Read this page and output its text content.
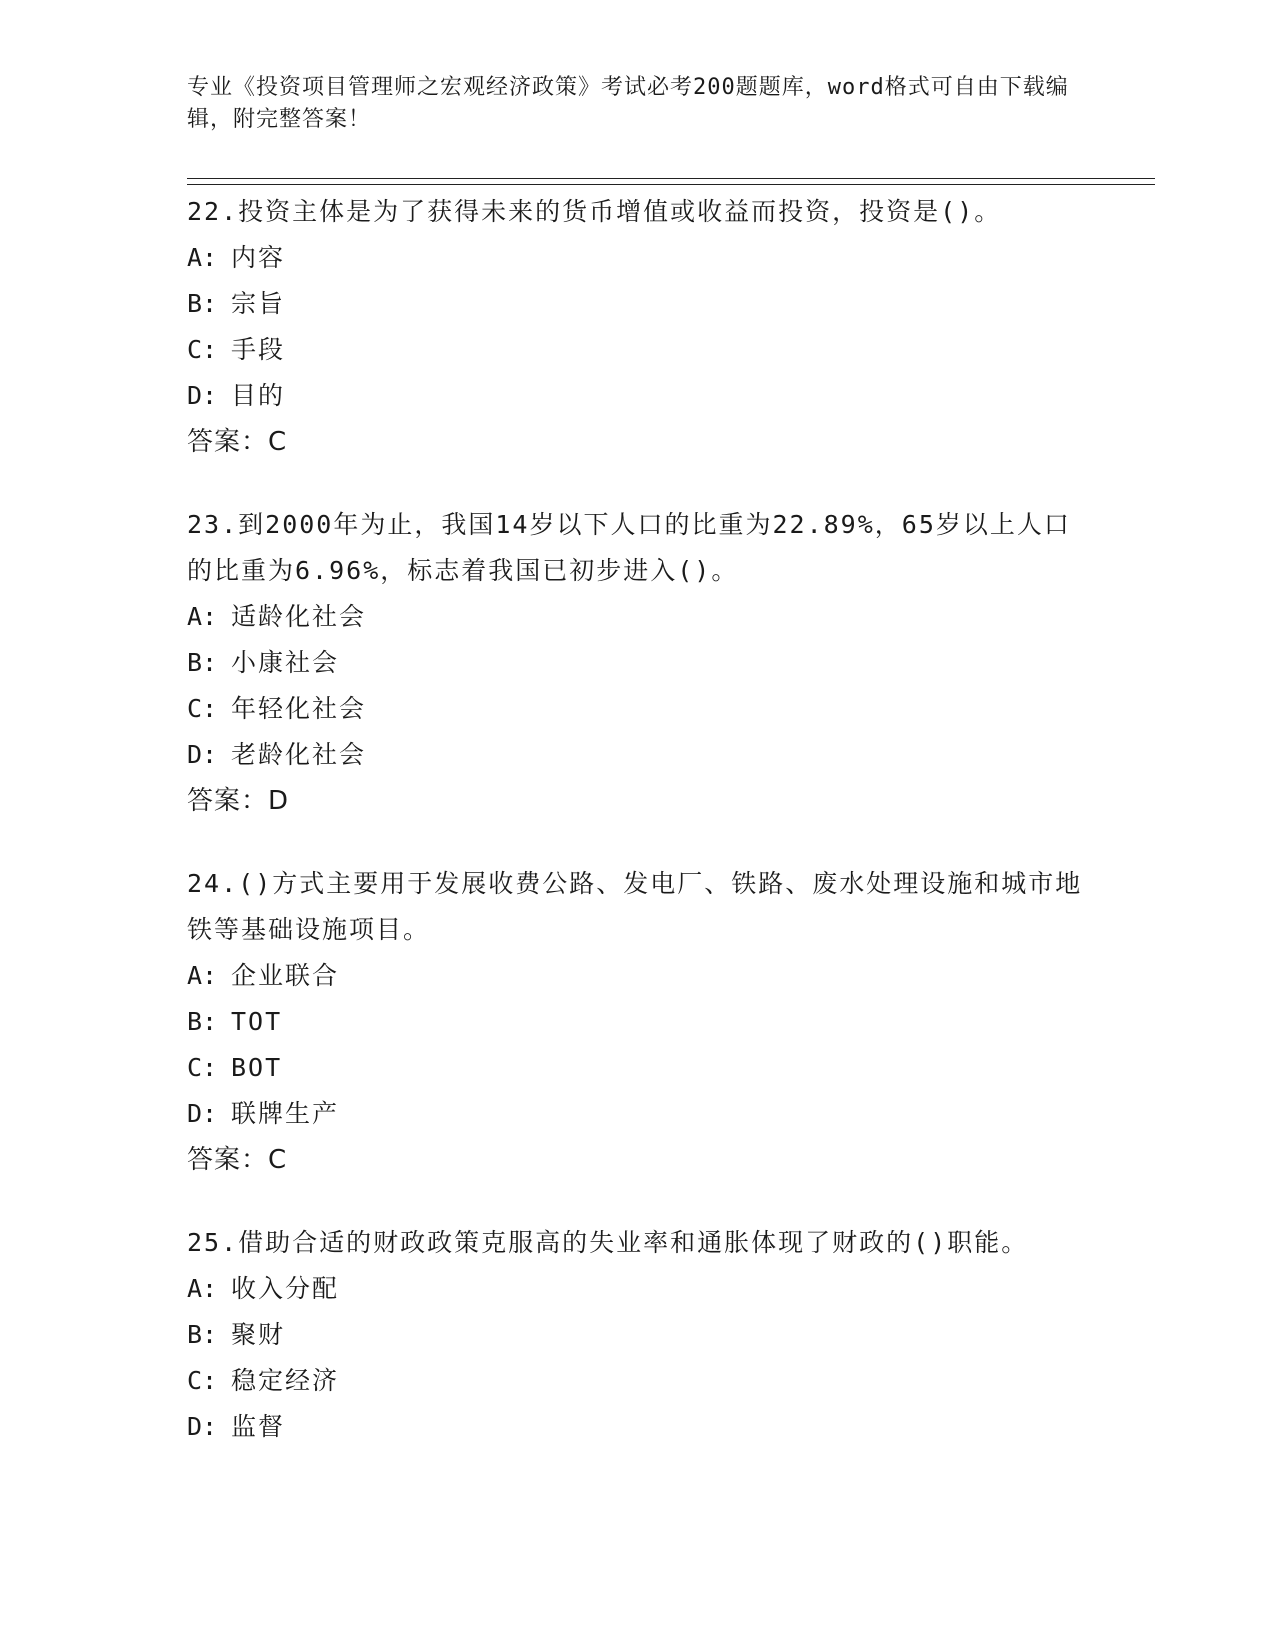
专业《投资项目管理师之宏观经济政策》考试必考200题题库，word格式可自由下载编辑，附完整答案！

22.投资主体是为了获得未来的货币增值或收益而投资，投资是()。

A: 内容

B: 宗旨

C: 手段

D: 目的

答案：C

23.到2000年为止，我国14岁以下人口的比重为22.89%，65岁以上人口的比重为6.96%，标志着我国已初步进入()。

A: 适龄化社会

B: 小康社会

C: 年轻化社会

D: 老龄化社会

答案：D

24.()方式主要用于发展收费公路、发电厂、铁路、废水处理设施和城市地铁等基础设施项目。

A: 企业联合

B: TOT

C: BOT

D: 联牌生产

答案：C

25.借助合适的财政政策克服高的失业率和通胀体现了财政的()职能。

A: 收入分配

B: 聚财

C: 稳定经济

D: 监督
